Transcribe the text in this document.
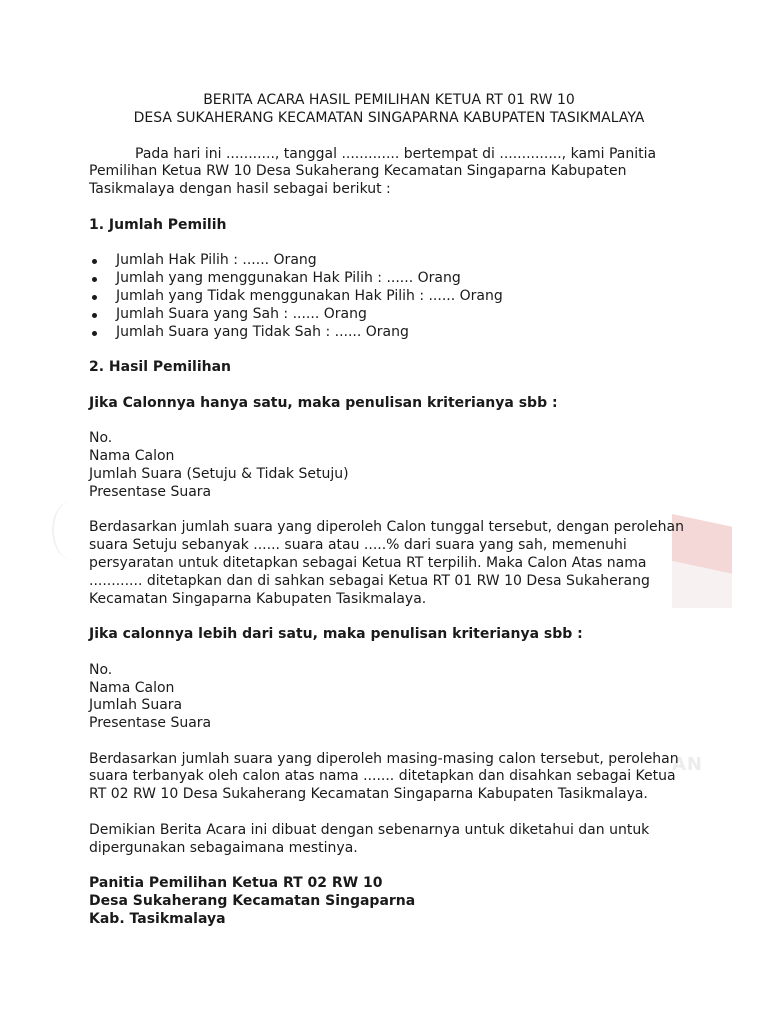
AN

BERITA ACARA HASIL PEMILIHAN KETUA RT 01 RW 10

DESA SUKAHERANG KECAMATAN SINGAPARNA KABUPATEN TASIKMALAYA

Pada hari ini ..........., tanggal ............. bertempat di .............., kami Panitia Pemilihan Ketua RW 10 Desa Sukaherang Kecamatan Singaparna Kabupaten Tasikmalaya dengan hasil sebagai berikut :

1. Jumlah Pemilih

Jumlah Hak Pilih : ...... Orang
Jumlah yang menggunakan Hak Pilih : ...... Orang
Jumlah yang Tidak menggunakan Hak Pilih : ...... Orang
Jumlah Suara yang Sah : ...... Orang
Jumlah Suara yang Tidak Sah : ...... Orang

2. Hasil Pemilihan

Jika Calonnya hanya satu, maka penulisan kriterianya sbb :

No.

Nama Calon

Jumlah Suara (Setuju & Tidak Setuju)

Presentase Suara

Berdasarkan jumlah suara yang diperoleh Calon tunggal tersebut, dengan perolehan suara Setuju sebanyak ...... suara atau .....% dari suara yang sah, memenuhi persyaratan untuk ditetapkan sebagai Ketua RT terpilih. Maka Calon Atas nama ............ ditetapkan dan di sahkan sebagai Ketua RT 01 RW 10 Desa Sukaherang Kecamatan Singaparna Kabupaten Tasikmalaya.

Jika calonnya lebih dari satu, maka penulisan kriterianya sbb :

No.

Nama Calon

Jumlah Suara

Presentase Suara

Berdasarkan jumlah suara yang diperoleh masing-masing calon tersebut, perolehan suara terbanyak oleh calon atas nama ....... ditetapkan dan disahkan sebagai Ketua RT 02 RW 10 Desa Sukaherang Kecamatan Singaparna Kabupaten Tasikmalaya.

Demikian Berita Acara ini dibuat dengan sebenarnya untuk diketahui dan untuk dipergunakan sebagaimana mestinya.

Panitia Pemilihan Ketua RT 02 RW 10

Desa Sukaherang Kecamatan Singaparna

Kab. Tasikmalaya
